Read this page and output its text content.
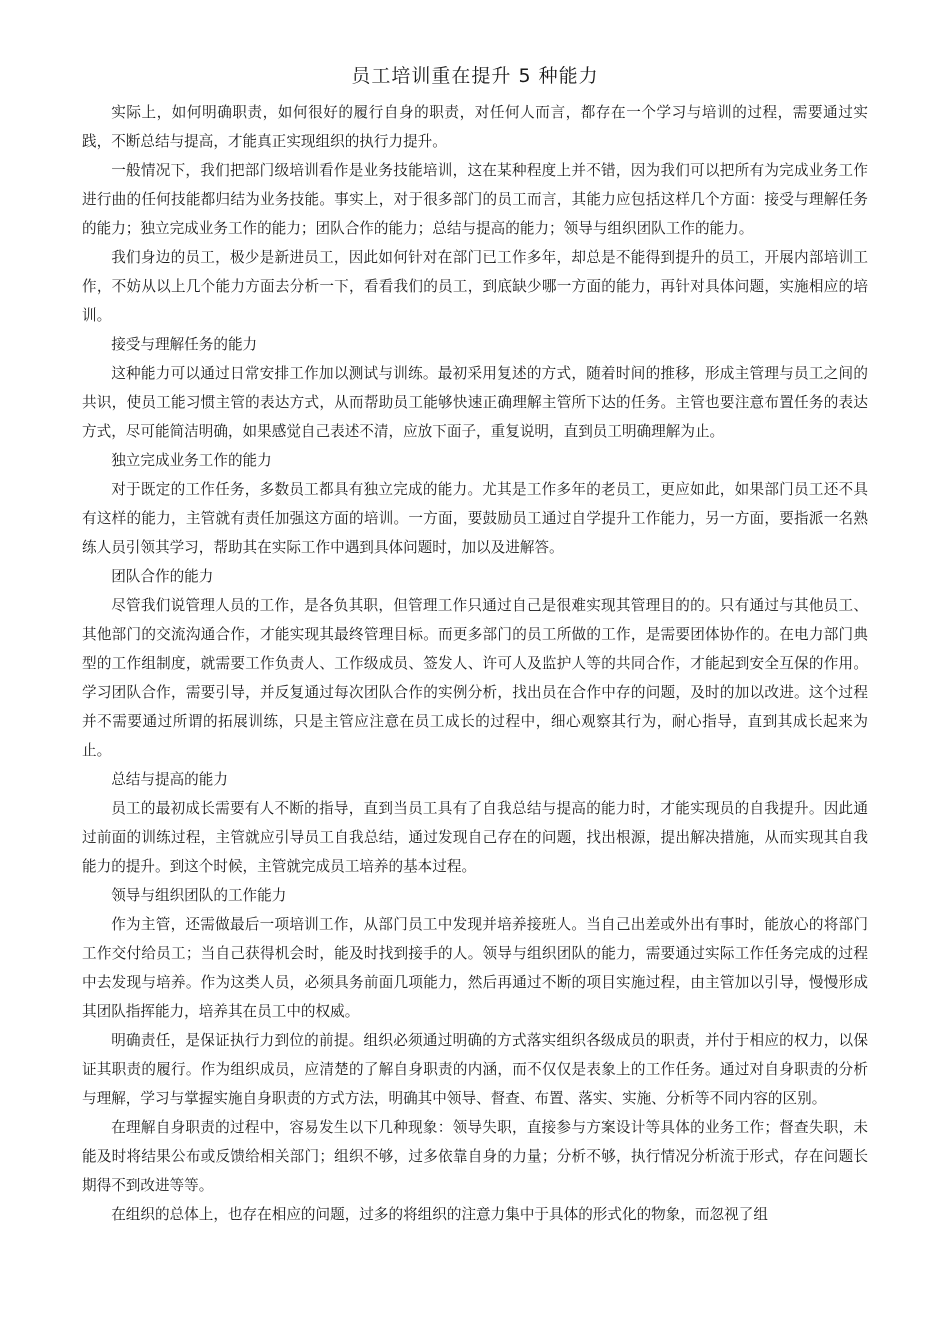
员工培训重在提升 5 种能力

实际上，如何明确职责，如何很好的履行自身的职责，对任何人而言，都存在一个学习与培训的过程，需要通过实践，不断总结与提高，才能真正实现组织的执行力提升。

一般情况下，我们把部门级培训看作是业务技能培训，这在某种程度上并不错，因为我们可以把所有为完成业务工作进行曲的任何技能都归结为业务技能。事实上，对于很多部门的员工而言，其能力应包括这样几个方面：接受与理解任务的能力；独立完成业务工作的能力；团队合作的能力；总结与提高的能力；领导与组织团队工作的能力。

我们身边的员工，极少是新进员工，因此如何针对在部门已工作多年，却总是不能得到提升的员工，开展内部培训工作，不妨从以上几个能力方面去分析一下，看看我们的员工，到底缺少哪一方面的能力，再针对具体问题，实施相应的培训。

接受与理解任务的能力

这种能力可以通过日常安排工作加以测试与训练。最初采用复述的方式，随着时间的推移，形成主管理与员工之间的共识，使员工能习惯主管的表达方式，从而帮助员工能够快速正确理解主管所下达的任务。主管也要注意布置任务的表达方式，尽可能简洁明确，如果感觉自己表述不清，应放下面子，重复说明，直到员工明确理解为止。

独立完成业务工作的能力

对于既定的工作任务，多数员工都具有独立完成的能力。尤其是工作多年的老员工，更应如此，如果部门员工还不具有这样的能力，主管就有责任加强这方面的培训。一方面，要鼓励员工通过自学提升工作能力，另一方面，要指派一名熟练人员引领其学习，帮助其在实际工作中遇到具体问题时，加以及进解答。

团队合作的能力

尽管我们说管理人员的工作，是各负其职，但管理工作只通过自己是很难实现其管理目的的。只有通过与其他员工、其他部门的交流沟通合作，才能实现其最终管理目标。而更多部门的员工所做的工作，是需要团体协作的。在电力部门典型的工作组制度，就需要工作负责人、工作级成员、签发人、许可人及监护人等的共同合作，才能起到安全互保的作用。学习团队合作，需要引导，并反复通过每次团队合作的实例分析，找出员在合作中存的问题，及时的加以改进。这个过程并不需要通过所谓的拓展训练，只是主管应注意在员工成长的过程中，细心观察其行为，耐心指导，直到其成长起来为止。

总结与提高的能力

员工的最初成长需要有人不断的指导，直到当员工具有了自我总结与提高的能力时，才能实现员的自我提升。因此通过前面的训练过程，主管就应引导员工自我总结，通过发现自己存在的问题，找出根源，提出解决措施，从而实现其自我能力的提升。到这个时候，主管就完成员工培养的基本过程。

领导与组织团队的工作能力

作为主管，还需做最后一项培训工作，从部门员工中发现并培养接班人。当自己出差或外出有事时，能放心的将部门工作交付给员工；当自己获得机会时，能及时找到接手的人。领导与组织团队的能力，需要通过实际工作任务完成的过程中去发现与培养。作为这类人员，必须具务前面几项能力，然后再通过不断的项目实施过程，由主管加以引导，慢慢形成其团队指挥能力，培养其在员工中的权威。

明确责任，是保证执行力到位的前提。组织必须通过明确的方式落实组织各级成员的职责，并付于相应的权力，以保证其职责的履行。作为组织成员，应清楚的了解自身职责的内涵，而不仅仅是表象上的工作任务。通过对自身职责的分析与理解，学习与掌握实施自身职责的方式方法，明确其中领导、督查、布置、落实、实施、分析等不同内容的区别。

在理解自身职责的过程中，容易发生以下几种现象：领导失职，直接参与方案设计等具体的业务工作；督查失职，未能及时将结果公布或反馈给相关部门；组织不够，过多依靠自身的力量；分析不够，执行情况分析流于形式，存在问题长期得不到改进等等。

在组织的总体上，也存在相应的问题，过多的将组织的注意力集中于具体的形式化的物象，而忽视了组
